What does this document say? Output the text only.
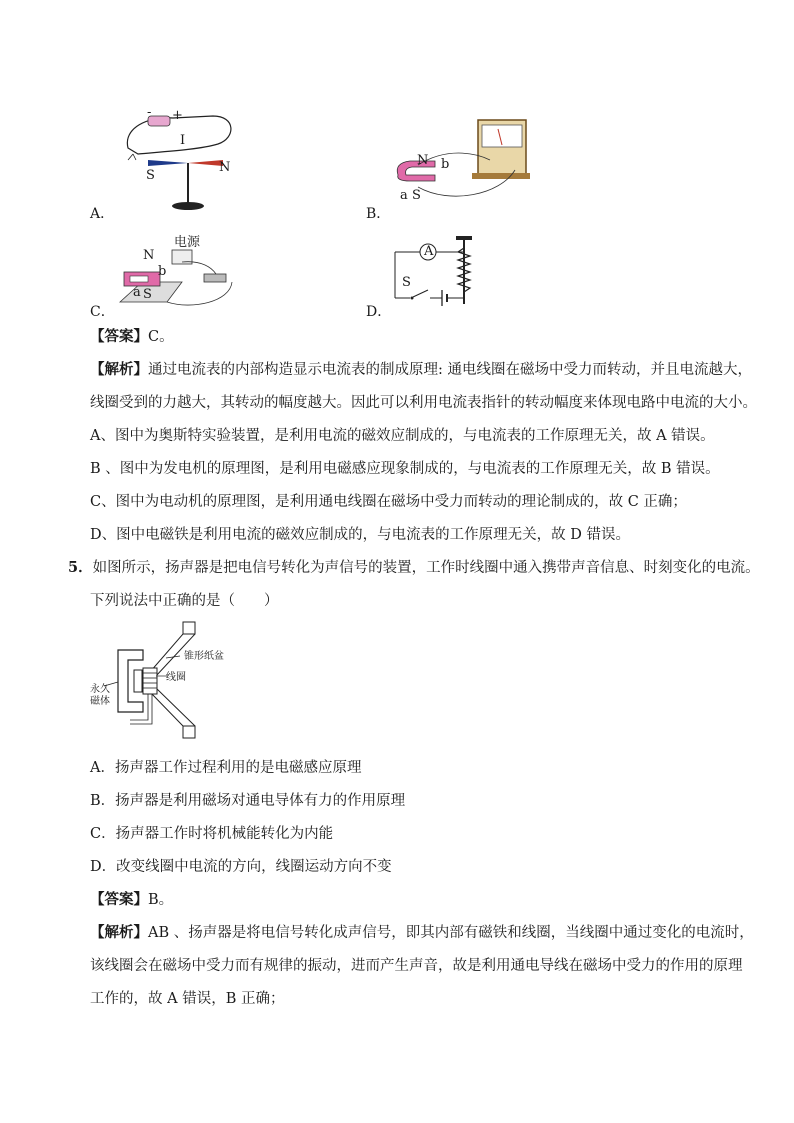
- +
I
S
N
A．
N b
a S
B．
电源
N
b
a S
C．
A
S
D．
【答案】C。
【解析】通过电流表的内部构造显示电流表的制成原理: 通电线圈在磁场中受力而转动，并且电流越大，
线圈受到的力越大，其转动的幅度越大。因此可以利用电流表指针的转动幅度来体现电路中电流的大小。
A、图中为奥斯特实验装置，是利用电流的磁效应制成的，与电流表的工作原理无关，故 A 错误。
B 、图中为发电机的原理图，是利用电磁感应现象制成的，与电流表的工作原理无关，故 B 错误。
C、图中为电动机的原理图，是利用通电线圈在磁场中受力而转动的理论制成的，故 C 正确；
D、图中电磁铁是利用电流的磁效应制成的，与电流表的工作原理无关，故 D 错误。
5．如图所示，扬声器是把电信号转化为声信号的装置，工作时线圈中通入携带声音信息、时刻变化的电流。
下列说法中正确的是（　　）
锥形纸盆
线圈
永久
磁体
A．扬声器工作过程利用的是电磁感应原理
B．扬声器是利用磁场对通电导体有力的作用原理
C．扬声器工作时将机械能转化为内能
D．改变线圈中电流的方向，线圈运动方向不变
【答案】B。
【解析】AB 、扬声器是将电信号转化成声信号，即其内部有磁铁和线圈，当线圈中通过变化的电流时，
该线圈会在磁场中受力而有规律的振动，进而产生声音，故是利用通电导线在磁场中受力的作用的原理
工作的，故 A 错误，B 正确；
